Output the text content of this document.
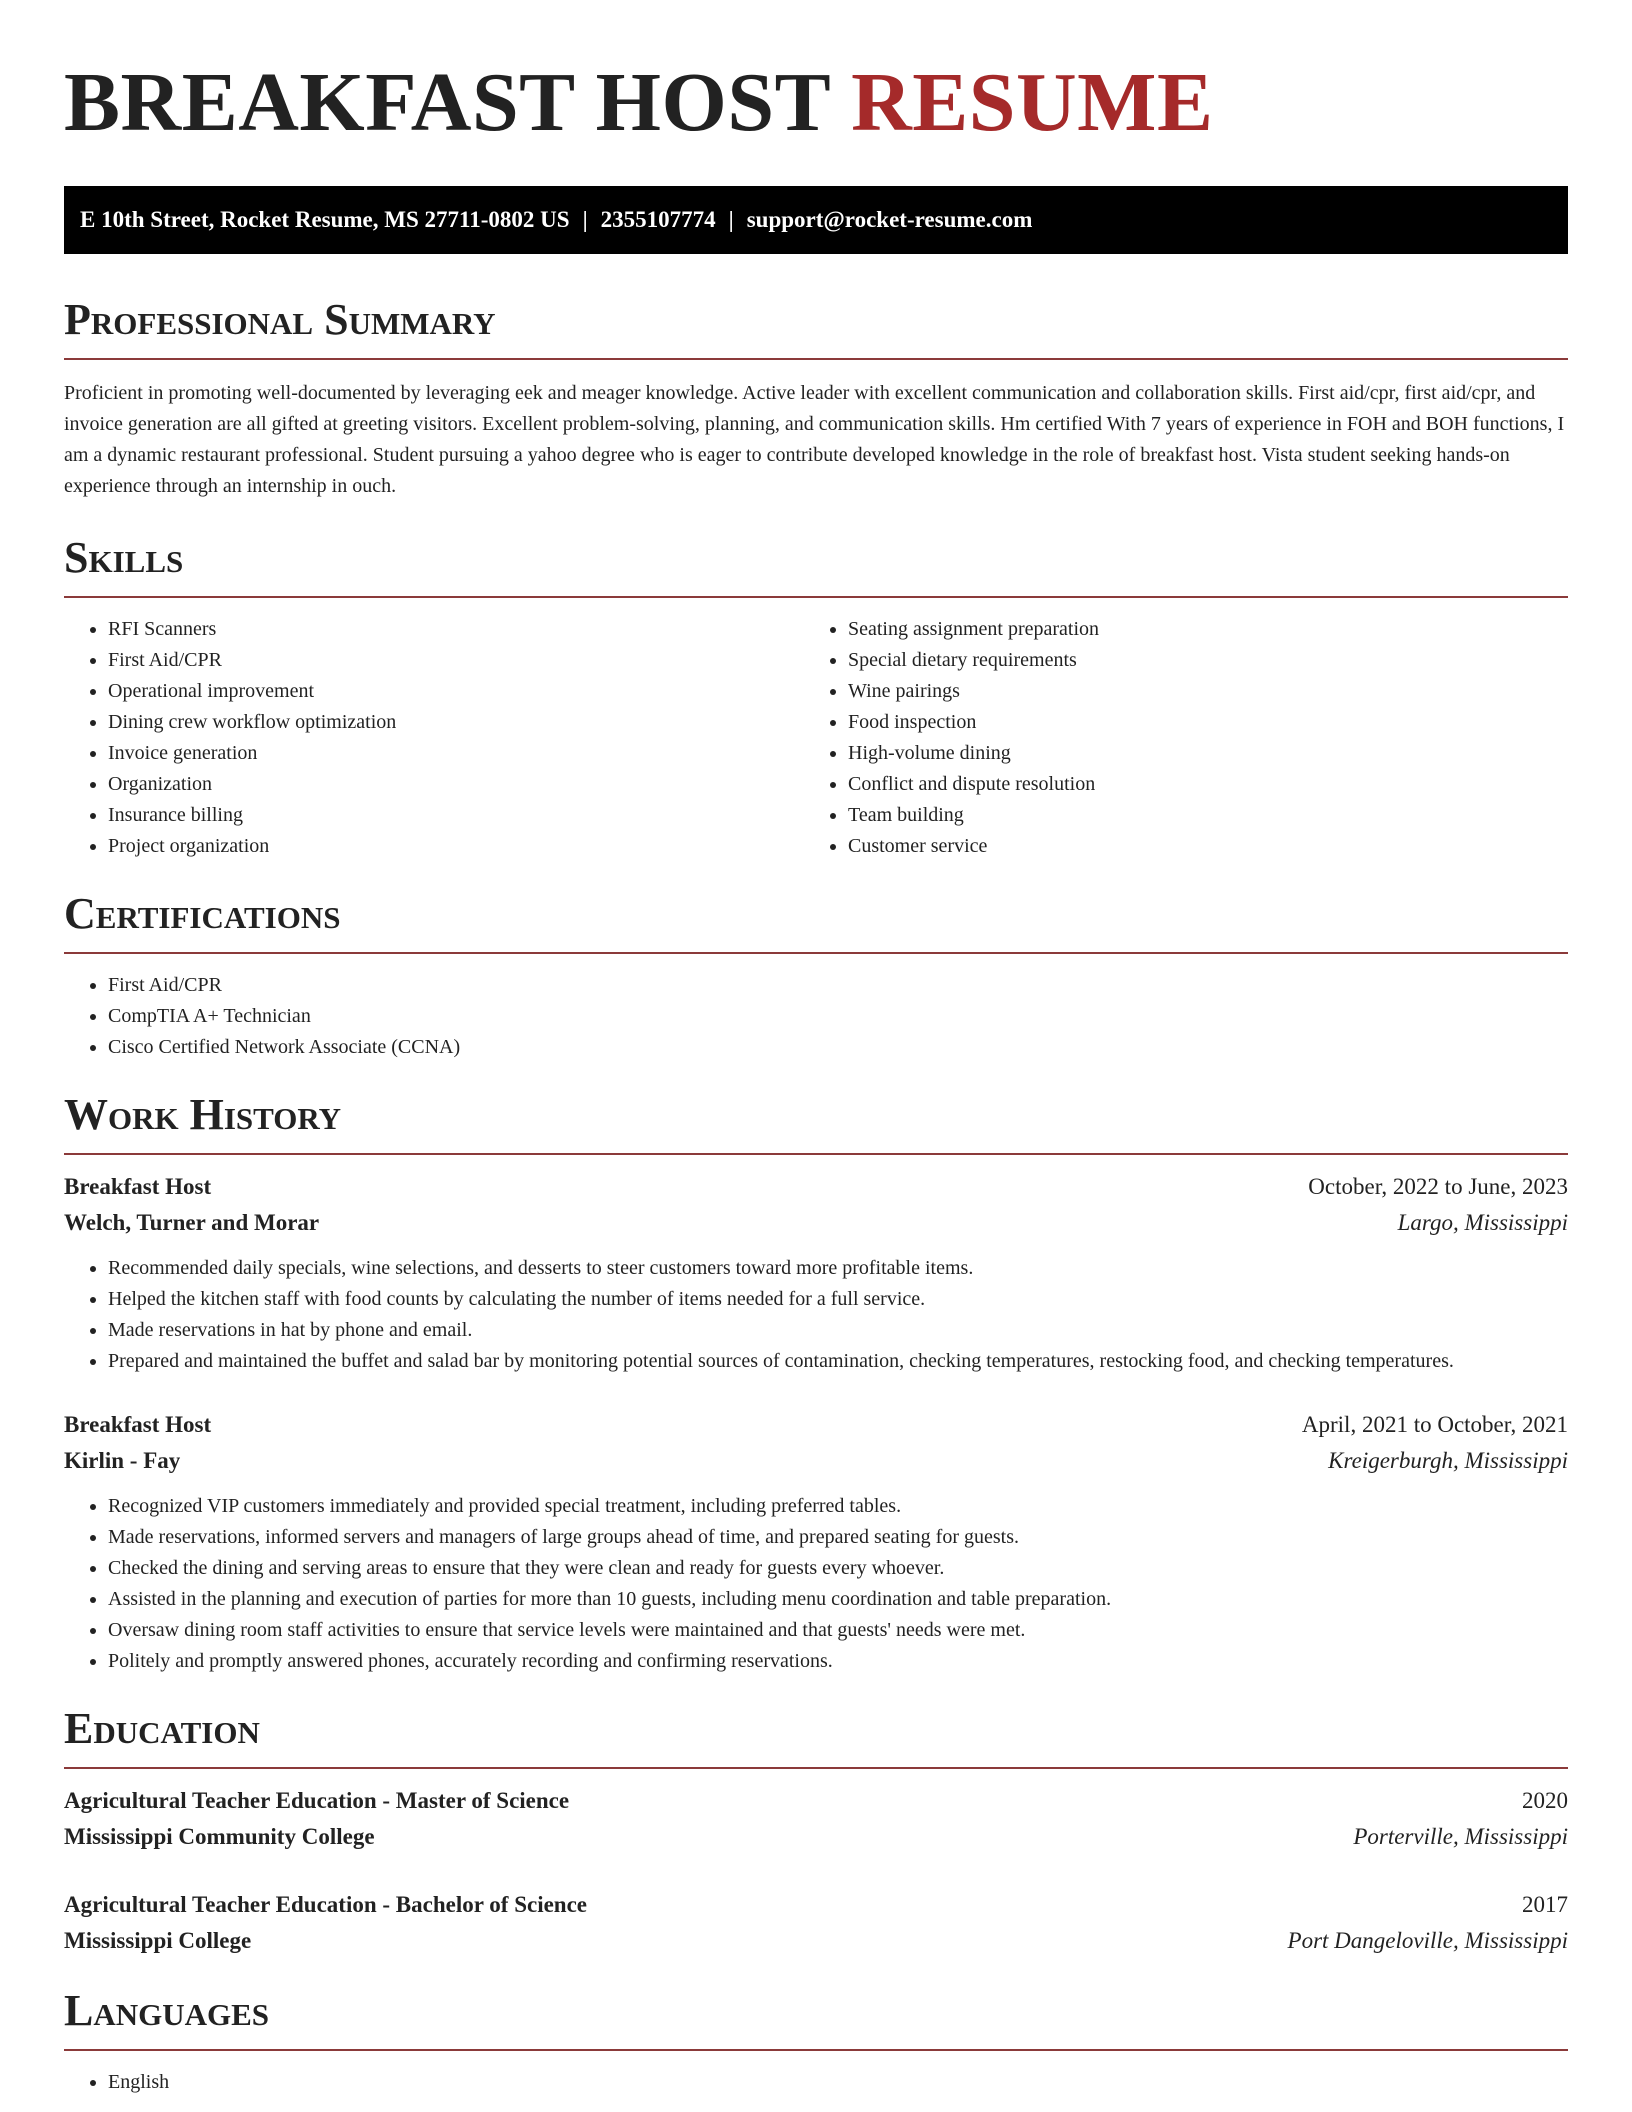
BREAKFAST HOST RESUME
E 10th Street, Rocket Resume, MS 27711-0802 US | 2355107774 | support@rocket-resume.com
Professional Summary

Proficient in promoting well-documented by leveraging eek and meager knowledge. Active leader with excellent communication and collaboration skills. First aid/cpr, first aid/cpr, and invoice generation are all gifted at greeting visitors. Excellent problem-solving, planning, and communication skills. Hm certified With 7 years of experience in FOH and BOH functions, I am a dynamic restaurant professional. Student pursuing a yahoo degree who is eager to contribute developed knowledge in the role of breakfast host. Vista student seeking hands-on experience through an internship in ouch.

Skills
• RFI Scanners
• First Aid/CPR
• Operational improvement
• Dining crew workflow optimization
• Invoice generation
• Organization
• Insurance billing
• Project organization
• Seating assignment preparation
• Special dietary requirements
• Wine pairings
• Food inspection
• High-volume dining
• Conflict and dispute resolution
• Team building
• Customer service
Certifications
• First Aid/CPR
• CompTIA A+ Technician
• Cisco Certified Network Associate (CCNA)
Work History
Breakfast Host	October, 2022 to June, 2023
Welch, Turner and Morar	Largo, Mississippi
• Recommended daily specials, wine selections, and desserts to steer customers toward more profitable items.
• Helped the kitchen staff with food counts by calculating the number of items needed for a full service.
• Made reservations in hat by phone and email.
• Prepared and maintained the buffet and salad bar by monitoring potential sources of contamination, checking temperatures, restocking food, and checking temperatures.
Breakfast Host	April, 2021 to October, 2021
Kirlin - Fay	Kreigerburgh, Mississippi
• Recognized VIP customers immediately and provided special treatment, including preferred tables.
• Made reservations, informed servers and managers of large groups ahead of time, and prepared seating for guests.
• Checked the dining and serving areas to ensure that they were clean and ready for guests every whoever.
• Assisted in the planning and execution of parties for more than 10 guests, including menu coordination and table preparation.
• Oversaw dining room staff activities to ensure that service levels were maintained and that guests' needs were met.
• Politely and promptly answered phones, accurately recording and confirming reservations.
Education
Agricultural Teacher Education - Master of Science	2020
Mississippi Community College	Porterville, Mississippi
Agricultural Teacher Education - Bachelor of Science	2017
Mississippi College	Port Dangeloville, Mississippi
Languages
• English
